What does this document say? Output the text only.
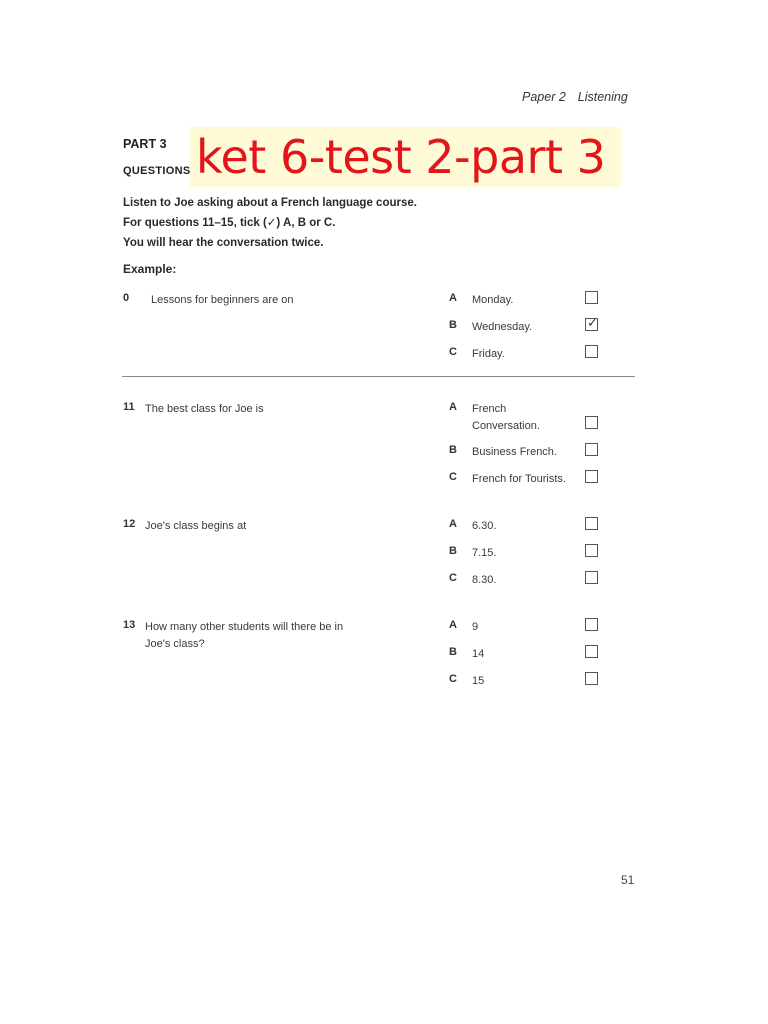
Paper 2 Listening
PART 3
QUESTIONS ket 6-test 2-part 3
Listen to Joe asking about a French language course.
For questions 11–15, tick (✓) A, B or C.
You will hear the conversation twice.
Example:
0 Lessons for beginners are on	A Monday.
B Wednesday.	✓
C Friday.
11 The best class for Joe is	A French Conversation.
B Business French.
C French for Tourists.
12 Joe's class begins at	A 6.30.
B 7.15.
C 8.30.
13 How many other students will there be in Joe's class?
A 9
B 14
C 15
51
